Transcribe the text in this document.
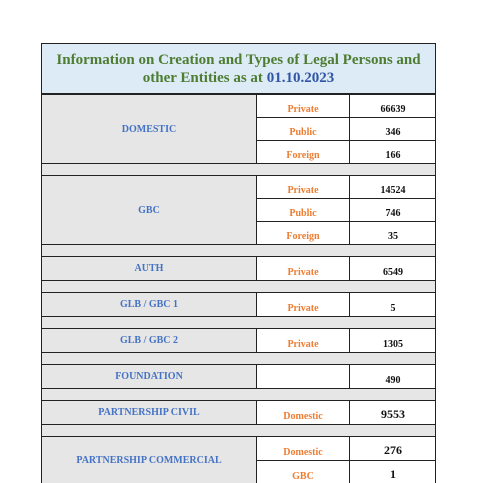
Information on Creation and Types of Legal Persons and
other Entities as at 01.10.2023
DOMESTIC	Private	66639
	Public	346
	Foreign	166

GBC	Private	14524
	Public	746
	Foreign	35

AUTH	Private	6549

GLB / GBC 1	Private	5

GLB / GBC 2	Private	1305

FOUNDATION		490

PARTNERSHIP CIVIL	Domestic	9553

PARTNERSHIP COMMERCIAL	Domestic	276
	GBC	1
